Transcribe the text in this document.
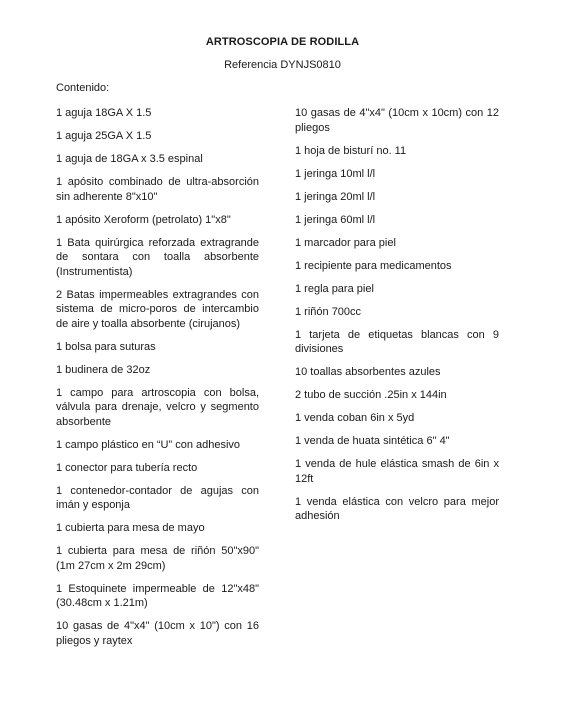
ARTROSCOPIA DE RODILLA
Referencia DYNJS0810
Contenido:
1 aguja 18GA X 1.5
1 aguja 25GA X 1.5
1 aguja de 18GA x 3.5 espinal
1 apósito combinado de ultra-absorción sin adherente 8"x10"
1 apósito Xeroform (petrolato) 1"x8"
1 Bata quirúrgica reforzada extragrande de sontara con toalla absorbente (Instrumentista)
2 Batas impermeables extragrandes con sistema de micro-poros de intercambio de aire y toalla absorbente (cirujanos)
1 bolsa para suturas
1 budinera de 32oz
1 campo para artroscopia con bolsa, válvula para drenaje, velcro y segmento absorbente
1 campo plástico en “U” con adhesivo
1 conector para tubería recto
1 contenedor-contador de agujas con imán y esponja
1 cubierta para mesa de mayo
1 cubierta para mesa de riñón 50"x90" (1m 27cm x 2m 29cm)
1 Estoquinete impermeable de 12"x48" (30.48cm x 1.21m)
10 gasas de 4"x4" (10cm x 10") con 16 pliegos y raytex
10 gasas de 4"x4" (10cm x 10cm) con 12 pliegos
1 hoja de bisturí no. 11
1 jeringa 10ml l/l
1 jeringa 20ml l/l
1 jeringa 60ml l/l
1 marcador para piel
1 recipiente para medicamentos
1 regla para piel
1 riñón 700cc
1 tarjeta de etiquetas blancas con 9 divisiones
10 toallas absorbentes azules
2 tubo de succión .25in x 144in
1 venda coban 6in x 5yd
1 venda de huata sintética 6" 4"
1 venda de hule elástica smash de 6in x 12ft
1 venda elástica con velcro para mejor adhesión
